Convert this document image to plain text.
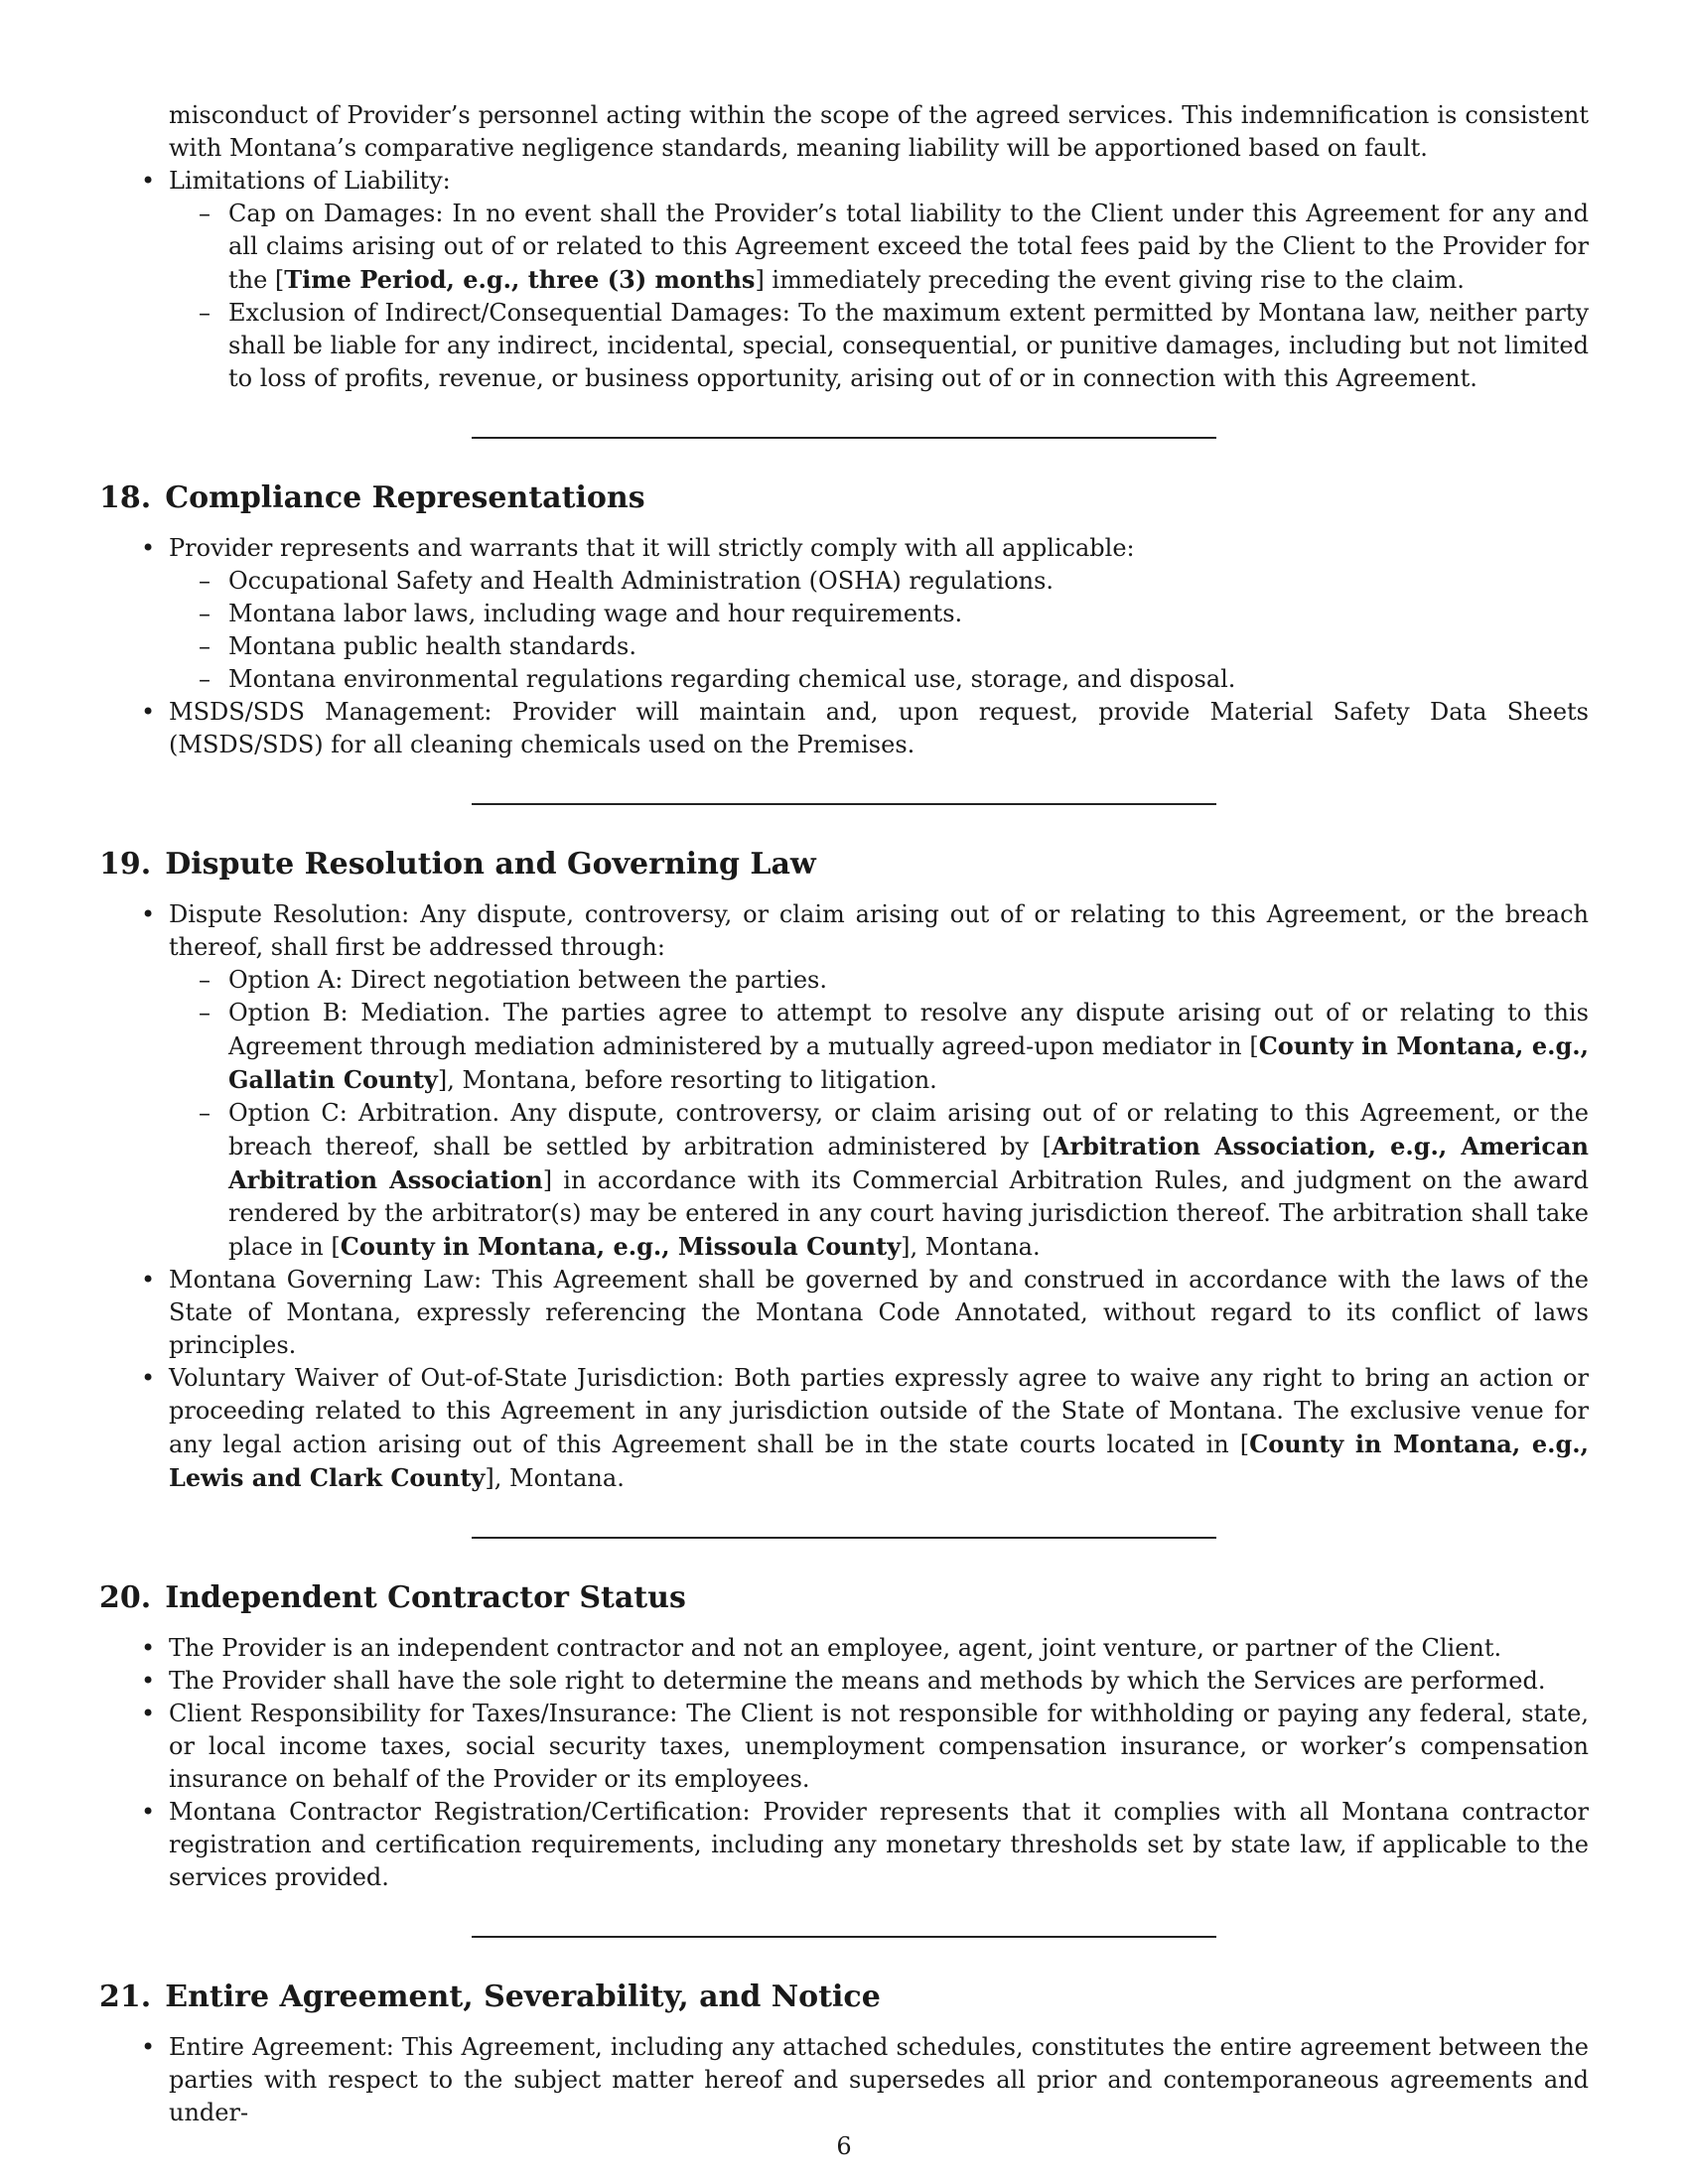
misconduct of Provider’s personnel acting within the scope of the agreed services. This indemnification is consistent with Montana’s comparative negligence standards, meaning liability will be apportioned based on fault.

• Limitations of Liability:
– Cap on Damages: In no event shall the Provider’s total liability to the Client under this Agreement for any and all claims arising out of or related to this Agreement exceed the total fees paid by the Client to the Provider for the [Time Period, e.g., three (3) months] immediately preceding the event giving rise to the claim.
– Exclusion of Indirect/Consequential Damages: To the maximum extent permitted by Montana law, neither party shall be liable for any indirect, incidental, special, consequential, or punitive damages, including but not limited to loss of profits, revenue, or business opportunity, arising out of or in connection with this Agreement.
18. Compliance Representations
• Provider represents and warrants that it will strictly comply with all applicable:
– Occupational Safety and Health Administration (OSHA) regulations.
– Montana labor laws, including wage and hour requirements.
– Montana public health standards.
– Montana environmental regulations regarding chemical use, storage, and disposal.
• MSDS/SDS Management: Provider will maintain and, upon request, provide Material Safety Data Sheets (MSDS/SDS) for all cleaning chemicals used on the Premises.
19. Dispute Resolution and Governing Law
• Dispute Resolution: Any dispute, controversy, or claim arising out of or relating to this Agreement, or the breach thereof, shall first be addressed through:
– Option A: Direct negotiation between the parties.
– Option B: Mediation. The parties agree to attempt to resolve any dispute arising out of or relating to this Agreement through mediation administered by a mutually agreed-upon mediator in [County in Montana, e.g., Gallatin County], Montana, before resorting to litigation.
– Option C: Arbitration. Any dispute, controversy, or claim arising out of or relating to this Agreement, or the breach thereof, shall be settled by arbitration administered by [Arbitration Association, e.g., American Arbitration Association] in accordance with its Commercial Arbitration Rules, and judgment on the award rendered by the arbitrator(s) may be entered in any court having jurisdiction thereof. The arbitration shall take place in [County in Montana, e.g., Missoula County], Montana.
• Montana Governing Law: This Agreement shall be governed by and construed in accordance with the laws of the State of Montana, expressly referencing the Montana Code Annotated, without regard to its conflict of laws principles.
• Voluntary Waiver of Out-of-State Jurisdiction: Both parties expressly agree to waive any right to bring an action or proceeding related to this Agreement in any jurisdiction outside of the State of Montana. The exclusive venue for any legal action arising out of this Agreement shall be in the state courts located in [County in Montana, e.g., Lewis and Clark County], Montana.
20. Independent Contractor Status
• The Provider is an independent contractor and not an employee, agent, joint venture, or partner of the Client.
• The Provider shall have the sole right to determine the means and methods by which the Services are performed.
• Client Responsibility for Taxes/Insurance: The Client is not responsible for withholding or paying any federal, state, or local income taxes, social security taxes, unemployment compensation insurance, or worker’s compensation insurance on behalf of the Provider or its employees.
• Montana Contractor Registration/Certification: Provider represents that it complies with all Montana contractor registration and certification requirements, including any monetary thresholds set by state law, if applicable to the services provided.
21. Entire Agreement, Severability, and Notice
• Entire Agreement: This Agreement, including any attached schedules, constitutes the entire agreement between the parties with respect to the subject matter hereof and supersedes all prior and contemporaneous agreements and under-
6
